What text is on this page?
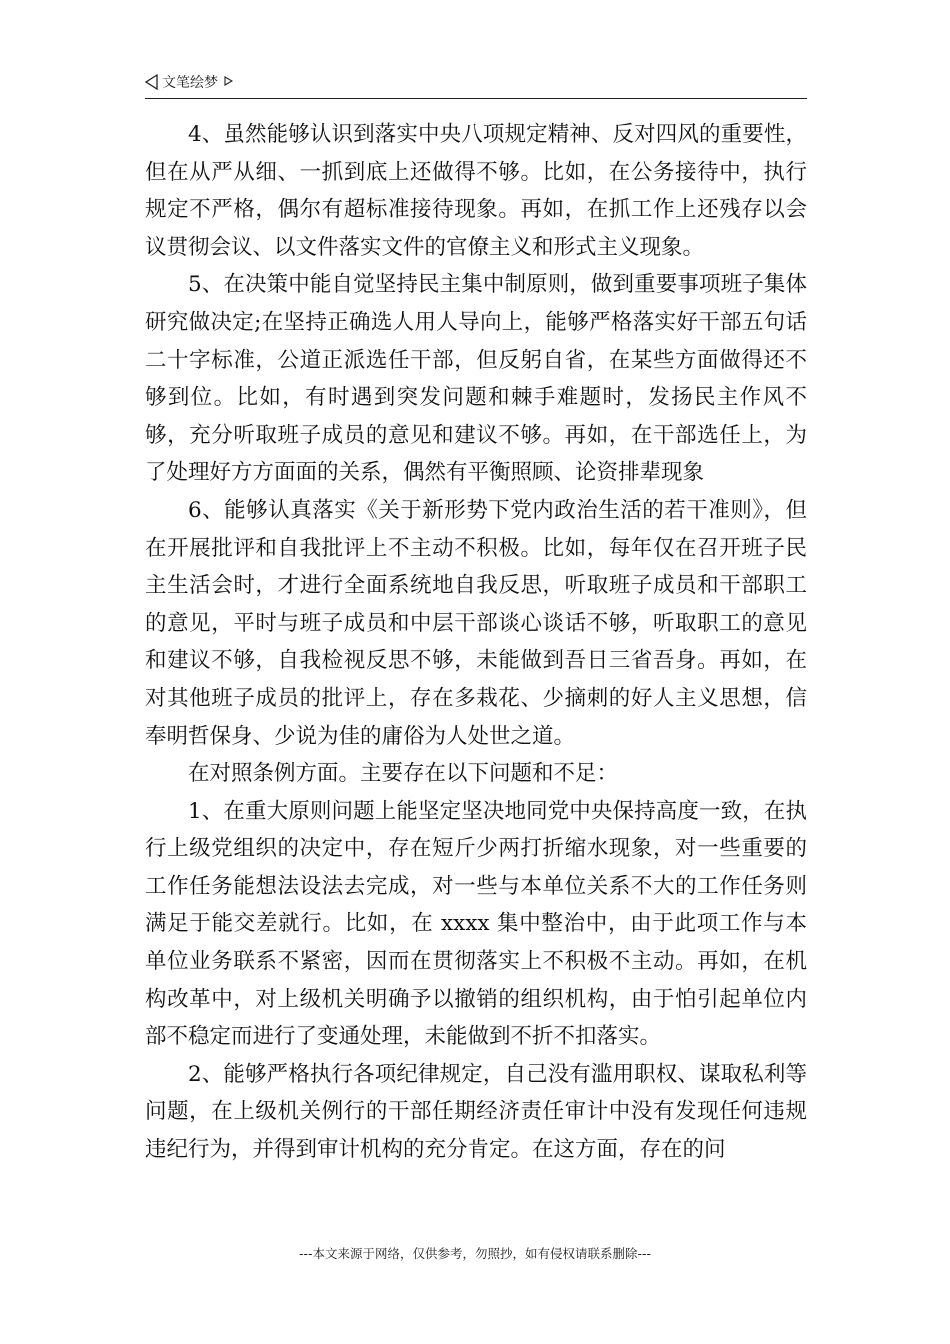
文笔绘梦

4、虽然能够认识到落实中央八项规定精神、反对四风的重要性，但在从严从细、一抓到底上还做得不够。比如，在公务接待中，执行规定不严格，偶尔有超标准接待现象。再如，在抓工作上还残存以会议贯彻会议、以文件落实文件的官僚主义和形式主义现象。

5、在决策中能自觉坚持民主集中制原则，做到重要事项班子集体研究做决定;在坚持正确选人用人导向上，能够严格落实好干部五句话二十字标准，公道正派选任干部，但反躬自省，在某些方面做得还不够到位。比如，有时遇到突发问题和棘手难题时，发扬民主作风不够，充分听取班子成员的意见和建议不够。再如，在干部选任上，为了处理好方方面面的关系，偶然有平衡照顾、论资排辈现象

6、能够认真落实《关于新形势下党内政治生活的若干准则》，但在开展批评和自我批评上不主动不积极。比如，每年仅在召开班子民主生活会时，才进行全面系统地自我反思，听取班子成员和干部职工的意见，平时与班子成员和中层干部谈心谈话不够，听取职工的意见和建议不够，自我检视反思不够，未能做到吾日三省吾身。再如，在对其他班子成员的批评上，存在多栽花、少摘刺的好人主义思想，信奉明哲保身、少说为佳的庸俗为人处世之道。

在对照条例方面。主要存在以下问题和不足：

1、在重大原则问题上能坚定坚决地同党中央保持高度一致，在执行上级党组织的决定中，存在短斤少两打折缩水现象，对一些重要的工作任务能想法设法去完成，对一些与本单位关系不大的工作任务则满足于能交差就行。比如，在 xxxx 集中整治中，由于此项工作与本单位业务联系不紧密，因而在贯彻落实上不积极不主动。再如，在机构改革中，对上级机关明确予以撤销的组织机构，由于怕引起单位内部不稳定而进行了变通处理，未能做到不折不扣落实。

2、能够严格执行各项纪律规定，自己没有滥用职权、谋取私利等问题，在上级机关例行的干部任期经济责任审计中没有发现任何违规违纪行为，并得到审计机构的充分肯定。在这方面，存在的问

---本文来源于网络，仅供参考，勿照抄，如有侵权请联系删除---
